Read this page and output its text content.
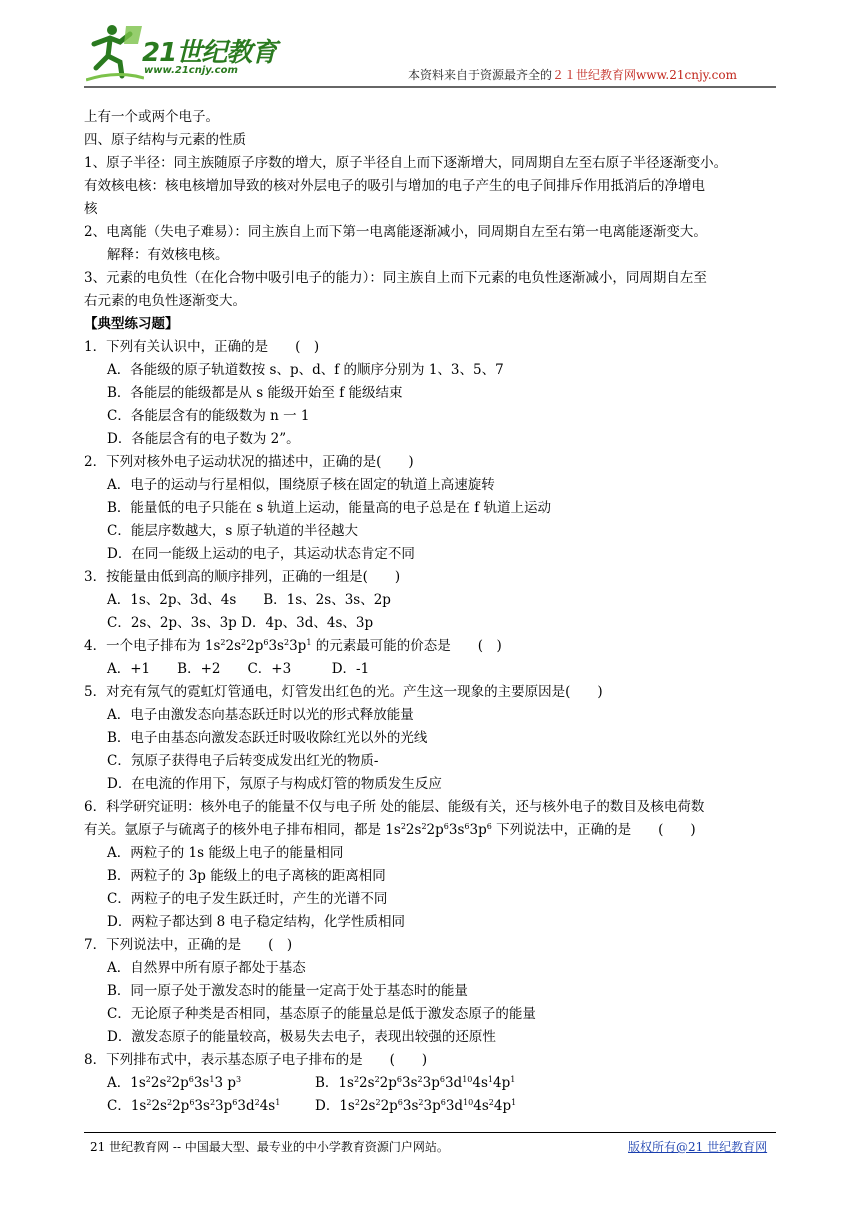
21世纪教育
www.21cnjy.com	本资料来自于资源最齐全的２１世纪教育网www.21cnjy.com

上有一个或两个电子。

四、原子结构与元素的性质

1、原子半径：同主族随原子序数的增大，原子半径自上而下逐渐增大，同周期自左至右原子半径逐渐变小。

有效核电核：核电核增加导致的核对外层电子的吸引与增加的电子产生的电子间排斥作用抵消后的净增电

核

2、电离能（失电子难易）：同主族自上而下第一电离能逐渐减小，同周期自左至右第一电离能逐渐变大。

解释：有效核电核。

3、元素的电负性（在化合物中吸引电子的能力）：同主族自上而下元素的电负性逐渐减小，同周期自左至

右元素的电负性逐渐变大。

【典型练习题】

1．下列有关认识中，正确的是　　(　)

A．各能级的原子轨道数按 s、p、d、f 的顺序分别为 1、3、5、7

B．各能层的能级都是从 s 能级开始至 f 能级结束

C．各能层含有的能级数为 n 一 1

D．各能层含有的电子数为 2”。

2．下列对核外电子运动状况的描述中，正确的是(　　)

A．电子的运动与行星相似，围绕原子核在固定的轨道上高速旋转

B．能量低的电子只能在 s 轨道上运动，能量高的电子总是在 f 轨道上运动

C．能层序数越大，s 原子轨道的半径越大

D．在同一能级上运动的电子，其运动状态肯定不同

3．按能量由低到高的顺序排列，正确的一组是(　　)

A．1s、2p、3d、4s　　B．1s、2s、3s、2p

C．2s、2p、3s、3p D．4p、3d、4s、3p

4．一个电子排布为 $1s^22s^22p^63s^23p^1$ 的元素最可能的价态是　　(　)

A．+1　　B．+2　　C．+3　　　D．-1

5．对充有氖气的霓虹灯管通电，灯管发出红色的光。产生这一现象的主要原因是(　　)

A．电子由激发态向基态跃迁时以光的形式释放能量

B．电子由基态向激发态跃迁时吸收除红光以外的光线

C．氖原子获得电子后转变成发出红光的物质-

D．在电流的作用下，氖原子与构成灯管的物质发生反应

6．科学研究证明：核外电子的能量不仅与电子所 处的能层、能级有关，还与核外电子的数目及核电荷数

有关。氩原子与硫离子的核外电子排布相同，都是 $1s^22s^22p^63s^63p^6$ 下列说法中，正确的是　　(　　)

A．两粒子的 1s 能级上电子的能量相同

B．两粒子的 3p 能级上的电子离核的距离相同

C．两粒子的电子发生跃迁时，产生的光谱不同

D．两粒子都达到 8 电子稳定结构，化学性质相同

7．下列说法中，正确的是　　(　)

A．自然界中所有原子都处于基态

B．同一原子处于激发态时的能量一定高于处于基态时的能量

C．无论原子种类是否相同，基态原子的能量总是低于激发态原子的能量

D．激发态原子的能量较高，极易失去电子，表现出较强的还原性

8．下列排布式中，表示基态原子电子排布的是　　(　　)

A．$1s^22s^22p^63s^13$ $p^3$	B．$1s^22s^22p^63s^23p^63d^{10}4s^14p^1$

C．$1s^22s^22p^63s^23p^63d^24s^1$	D．$1s^22s^22p^63s^23p^63d^{10}4s^24p^1$

21 世纪教育网 -- 中国最大型、最专业的中小学教育资源门户网站。	版权所有@21 世纪教育网
